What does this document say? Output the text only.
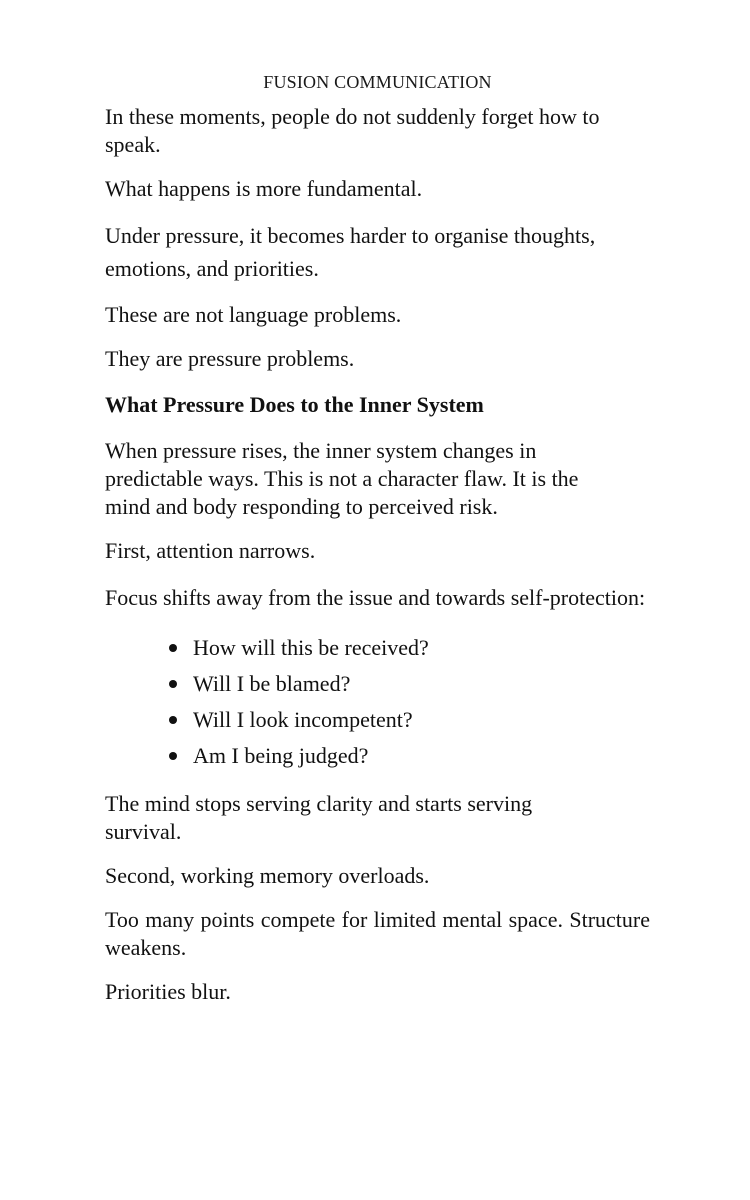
FUSION COMMUNICATION

In these moments, people do not suddenly forget how to speak.

What happens is more fundamental.

Under pressure, it becomes harder to organise thoughts, emotions, and priorities.

These are not language problems.

They are pressure problems.

What Pressure Does to the Inner System

When pressure rises, the inner system changes in predictable ways. This is not a character flaw. It is the mind and body responding to perceived risk.

First, attention narrows.

Focus shifts away from the issue and towards self-protection:

How will this be received?
Will I be blamed?
Will I look incompetent?
Am I being judged?

The mind stops serving clarity and starts serving survival.

Second, working memory overloads.

Too many points compete for limited mental space. Structure weakens.

Priorities blur.
